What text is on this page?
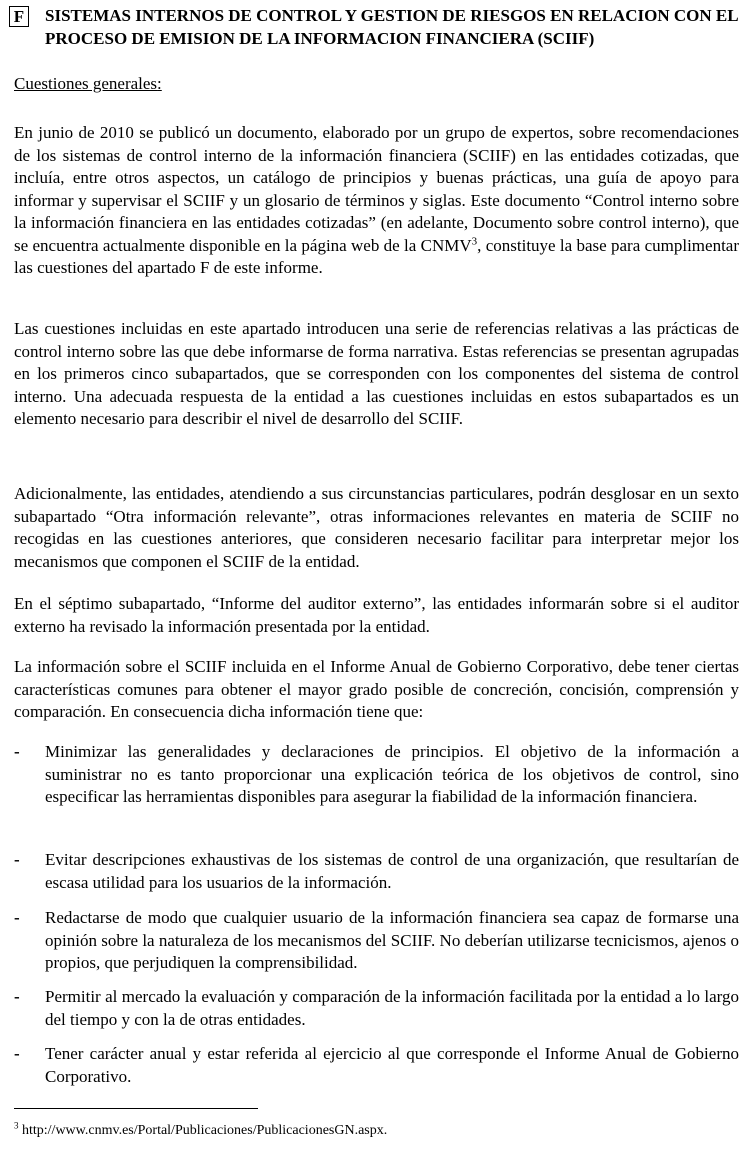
F SISTEMAS INTERNOS DE CONTROL Y GESTION DE RIESGOS EN RELACION CON EL PROCESO DE EMISION DE LA INFORMACION FINANCIERA (SCIIF)
Cuestiones generales:

En junio de 2010 se publicó un documento, elaborado por un grupo de expertos, sobre recomendaciones de los sistemas de control interno de la información financiera (SCIIF) en las entidades cotizadas, que incluía, entre otros aspectos, un catálogo de principios y buenas prácticas, una guía de apoyo para informar y supervisar el SCIIF y un glosario de términos y siglas. Este documento “Control interno sobre la información financiera en las entidades cotizadas” (en adelante, Documento sobre control interno), que se encuentra actualmente disponible en la página web de la CNMV$^3$, constituye la base para cumplimentar las cuestiones del apartado F de este informe.

Las cuestiones incluidas en este apartado introducen una serie de referencias relativas a las prácticas de control interno sobre las que debe informarse de forma narrativa. Estas referencias se presentan agrupadas en los primeros cinco subapartados, que se corresponden con los componentes del sistema de control interno. Una adecuada respuesta de la entidad a las cuestiones incluidas en estos subapartados es un elemento necesario para describir el nivel de desarrollo del SCIIF.

Adicionalmente, las entidades, atendiendo a sus circunstancias particulares, podrán desglosar en un sexto subapartado “Otra información relevante”, otras informaciones relevantes en materia de SCIIF no recogidas en las cuestiones anteriores, que consideren necesario facilitar para interpretar mejor los mecanismos que componen el SCIIF de la entidad.

En el séptimo subapartado, “Informe del auditor externo”, las entidades informarán sobre si el auditor externo ha revisado la información presentada por la entidad.

La información sobre el SCIIF incluida en el Informe Anual de Gobierno Corporativo, debe tener ciertas características comunes para obtener el mayor grado posible de concreción, concisión, comprensión y comparación. En consecuencia dicha información tiene que:

- Minimizar las generalidades y declaraciones de principios. El objetivo de la información a suministrar no es tanto proporcionar una explicación teórica de los objetivos de control, sino especificar las herramientas disponibles para asegurar la fiabilidad de la información financiera.
- Evitar descripciones exhaustivas de los sistemas de control de una organización, que resultarían de escasa utilidad para los usuarios de la información.
- Redactarse de modo que cualquier usuario de la información financiera sea capaz de formarse una opinión sobre la naturaleza de los mecanismos del SCIIF. No deberían utilizarse tecnicismos, ajenos o propios, que perjudiquen la comprensibilidad.
- Permitir al mercado la evaluación y comparación de la información facilitada por la entidad a lo largo del tiempo y con la de otras entidades.
- Tener carácter anual y estar referida al ejercicio al que corresponde el Informe Anual de Gobierno Corporativo.
$^3$ http://www.cnmv.es/Portal/Publicaciones/PublicacionesGN.aspx.
